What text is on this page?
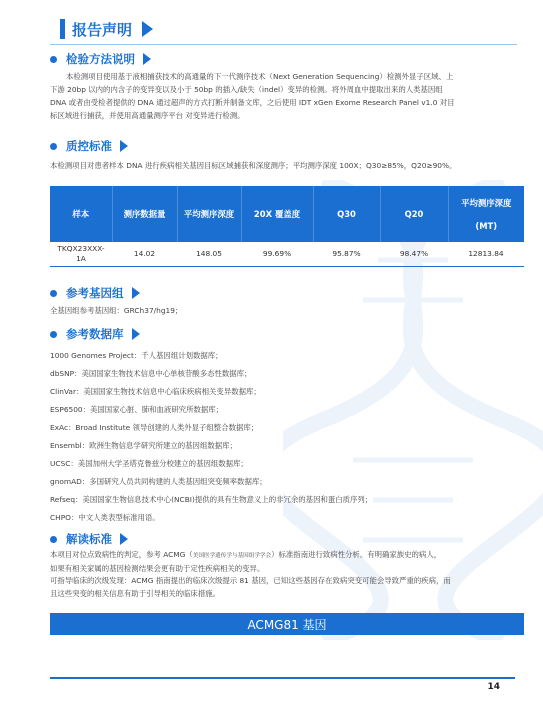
报告声明
检验方法说明
本检测项目使用基于液相捕获技术的高通量的下一代测序技术（Next Generation Sequencing）检测外显子区域、上
下游 20bp 以内的内含子的变异变以及小于 50bp 的插入/缺失（indel）变异的检测。将外周血中提取出来的人类基因组
DNA 或者由受检者提供的 DNA 通过超声的方式打断并制备文库，之后使用 IDT xGen Exome Research Panel v1.0 对目
标区域进行捕获，并使用高通量测序平台 对变异进行检测。
质控标准
本检测项目对患者样本 DNA 进行疾病相关基因目标区域捕获和深度测序；平均测序深度 100X；Q30≥85%，Q20≥90%。
样本	测序数据量	平均测序深度	20X 覆盖度	Q30	Q20	平均测序深度
(MT)

TKQX23XXX-
1A	14.02	148.05	99.69%	95.87%	98.47%	12813.84
参考基因组
全基因组参考基因组：GRCh37/hg19；
参考数据库
1000 Genomes Project：千人基因组计划数据库；
dbSNP：美国国家生物技术信息中心单核苷酸多态性数据库；
ClinVar：美国国家生物技术信息中心临床疾病相关变异数据库；
ESP6500：美国国家心脏、肺和血液研究所数据库；
ExAc：Broad Institute 领导创建的人类外显子组整合数据库；
Ensembl：欧洲生物信息学研究所建立的基因组数据库；
UCSC：美国加州大学圣塔克鲁兹分校建立的基因组数据库；
gnomAD：多国研究人员共同构建的人类基因组突变频率数据库；
Refseq：美国国家生物信息技术中心(NCBI)提供的具有生物意义上的非冗余的基因和蛋白质序列；
CHPO：中文人类表型标准用语。
解读标准
本项目对位点致病性的判定，参考 ACMG（美国医学遗传学与基因组学学会）标准指南进行致病性分析。有明确家族史的病人，
如果有相关家属的基因检测结果会更有助于定性疾病相关的变异。
可指导临床的次级发现：ACMG 指南提出的临床次级提示 81 基因，已知这些基因存在致病突变可能会导致严重的疾病，而
且这些突变的相关信息有助于引导相关的临床措施。
ACMG81 基因
14
